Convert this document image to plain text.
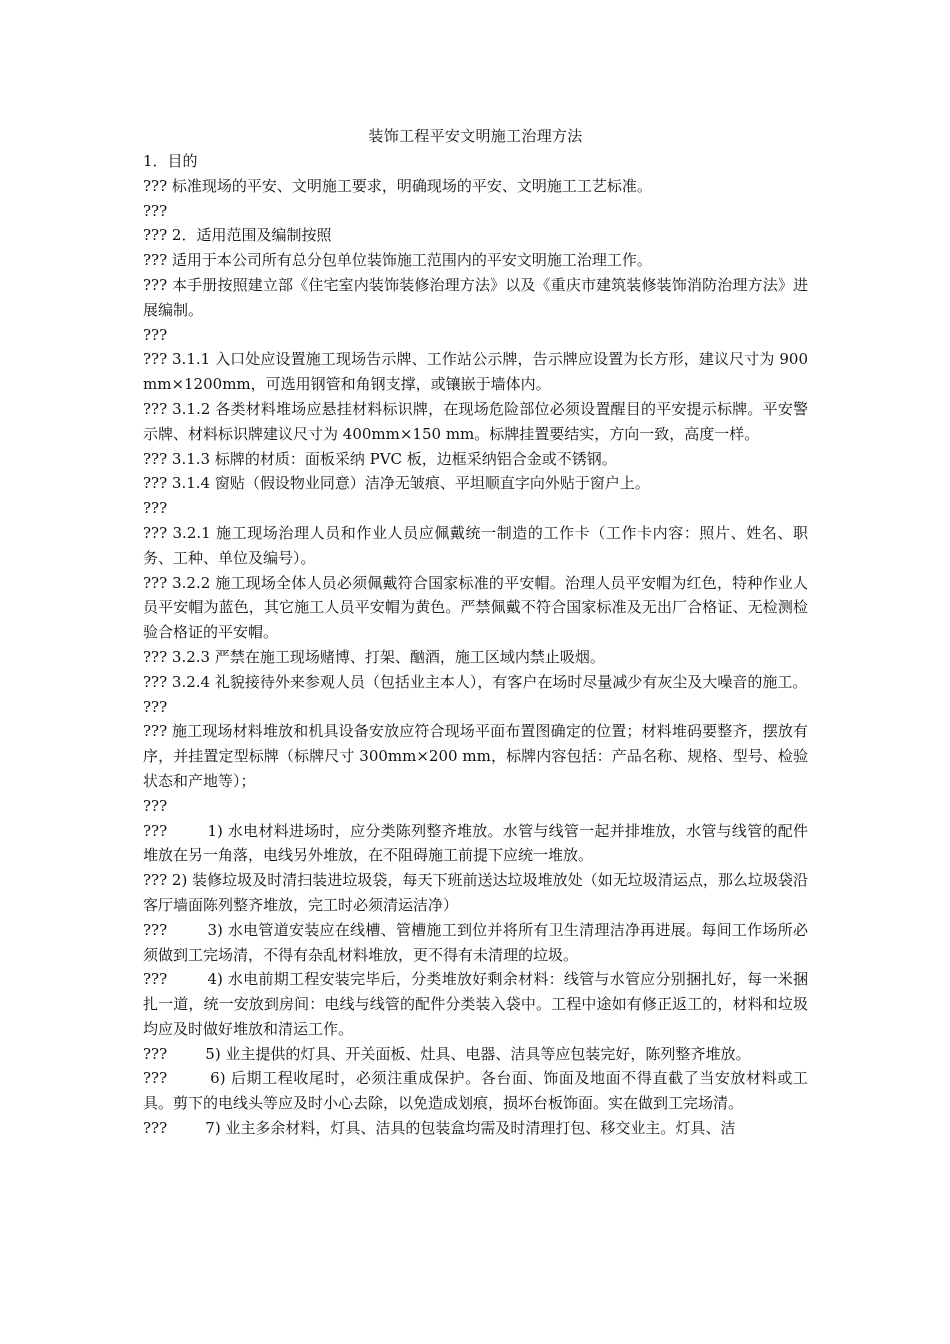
装饰工程平安文明施工治理方法

1．目的

??? 标准现场的平安、文明施工要求，明确现场的平安、文明施工工艺标准。

???

??? 2．适用范围及编制按照

??? 适用于本公司所有总分包单位装饰施工范围内的平安文明施工治理工作。

??? 本手册按照建立部《住宅室内装饰装修治理方法》以及《重庆市建筑装修装饰消防治理方法》进展编制。

???

??? 3.1.1 入口处应设置施工现场告示牌、工作站公示牌，告示牌应设置为长方形，建议尺寸为 900mm×1200mm，可选用钢管和角钢支撑，或镶嵌于墙体内。

??? 3.1.2 各类材料堆场应悬挂材料标识牌，在现场危险部位必须设置醒目的平安提示标牌。平安警示牌、材料标识牌建议尺寸为 400mm×150 mm。标牌挂置要结实，方向一致，高度一样。

??? 3.1.3 标牌的材质：面板采纳 PVC 板，边框采纳铝合金或不锈钢。

??? 3.1.4 窗贴（假设物业同意）洁净无皱痕、平坦顺直字向外贴于窗户上。

???

??? 3.2.1 施工现场治理人员和作业人员应佩戴统一制造的工作卡（工作卡内容：照片、姓名、职务、工种、单位及编号）。

??? 3.2.2 施工现场全体人员必须佩戴符合国家标准的平安帽。治理人员平安帽为红色，特种作业人员平安帽为蓝色，其它施工人员平安帽为黄色。严禁佩戴不符合国家标准及无出厂合格证、无检测检验合格证的平安帽。

??? 3.2.3 严禁在施工现场赌博、打架、酗酒，施工区域内禁止吸烟。

??? 3.2.4 礼貌接待外来参观人员（包括业主本人），有客户在场时尽量减少有灰尘及大噪音的施工。

???

??? 施工现场材料堆放和机具设备安放应符合现场平面布置图确定的位置；材料堆码要整齐，摆放有序，并挂置定型标牌（标牌尺寸 300mm×200 mm，标牌内容包括：产品名称、规格、型号、检验状态和产地等）；

???

???        1) 水电材料进场时，应分类陈列整齐堆放。水管与线管一起并排堆放，水管与线管的配件堆放在另一角落，电线另外堆放，在不阻碍施工前提下应统一堆放。

??? 2) 装修垃圾及时清扫装进垃圾袋，每天下班前送达垃圾堆放处（如无垃圾清运点，那么垃圾袋沿客厅墙面陈列整齐堆放，完工时必须清运洁净）

???        3) 水电管道安装应在线槽、管槽施工到位并将所有卫生清理洁净再进展。每间工作场所必须做到工完场清，不得有杂乱材料堆放，更不得有未清理的垃圾。

???        4) 水电前期工程安装完毕后，分类堆放好剩余材料：线管与水管应分别捆扎好，每一米捆扎一道，统一安放到房间：电线与线管的配件分类装入袋中。工程中途如有修正返工的，材料和垃圾均应及时做好堆放和清运工作。

???        5) 业主提供的灯具、开关面板、灶具、电器、洁具等应包装完好，陈列整齐堆放。

???        6) 后期工程收尾时，必须注重成保护。各台面、饰面及地面不得直截了当安放材料或工具。剪下的电线头等应及时小心去除，以免造成划痕，损坏台板饰面。实在做到工完场清。

???        7) 业主多余材料，灯具、洁具的包装盒均需及时清理打包、移交业主。灯具、洁
